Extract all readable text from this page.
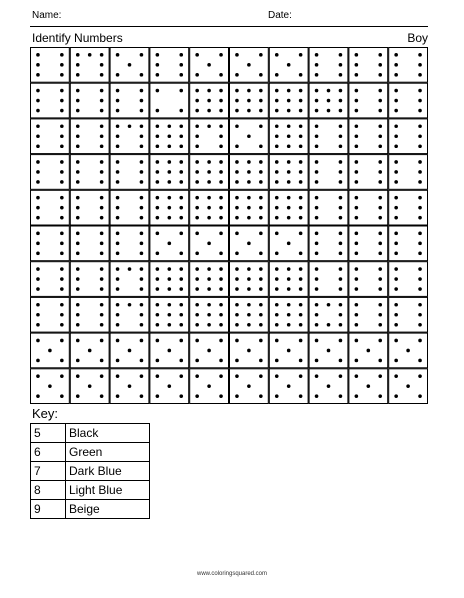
Name:	Date:
Identify Numbers	Boy
Key:
5	Black
6	Green
7	Dark Blue
8	Light Blue
9	Beige
www.coloringsquared.com
